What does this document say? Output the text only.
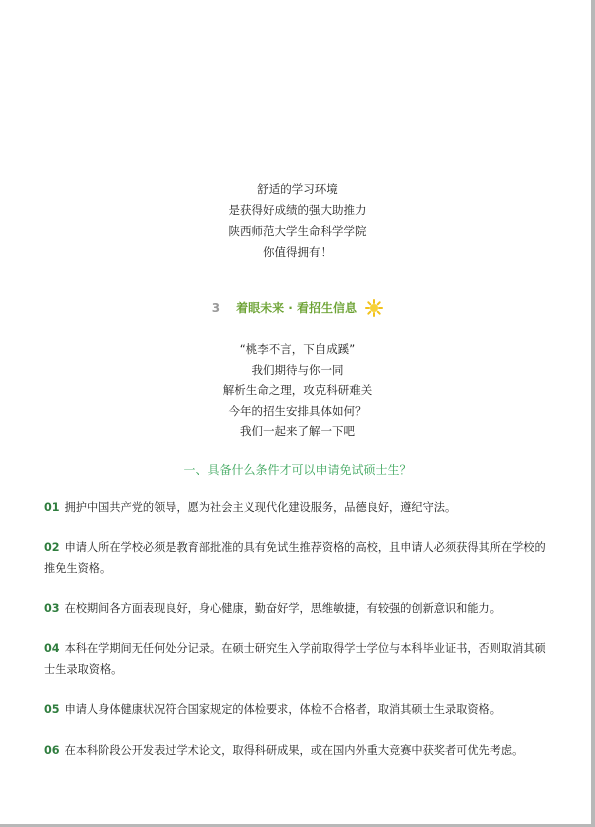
舒适的学习环境
是获得好成绩的强大助推力
陕西师范大学生命科学学院
你值得拥有！
3 着眼未来 · 看招生信息
“桃李不言，下自成蹊”
我们期待与你一同
解析生命之理，攻克科研难关
今年的招生安排具体如何？
我们一起来了解一下吧
一、具备什么条件才可以申请免试硕士生？
01 拥护中国共产党的领导，愿为社会主义现代化建设服务，品德良好，遵纪守法。
02 申请人所在学校必须是教育部批准的具有免试生推荐资格的高校，且申请人必须获得其所在学校的推免生资格。
03 在校期间各方面表现良好，身心健康，勤奋好学，思维敏捷，有较强的创新意识和能力。
04 本科在学期间无任何处分记录。在硕士研究生入学前取得学士学位与本科毕业证书，否则取消其硕士生录取资格。
05 申请人身体健康状况符合国家规定的体检要求，体检不合格者，取消其硕士生录取资格。
06 在本科阶段公开发表过学术论文，取得科研成果，或在国内外重大竞赛中获奖者可优先考虑。
